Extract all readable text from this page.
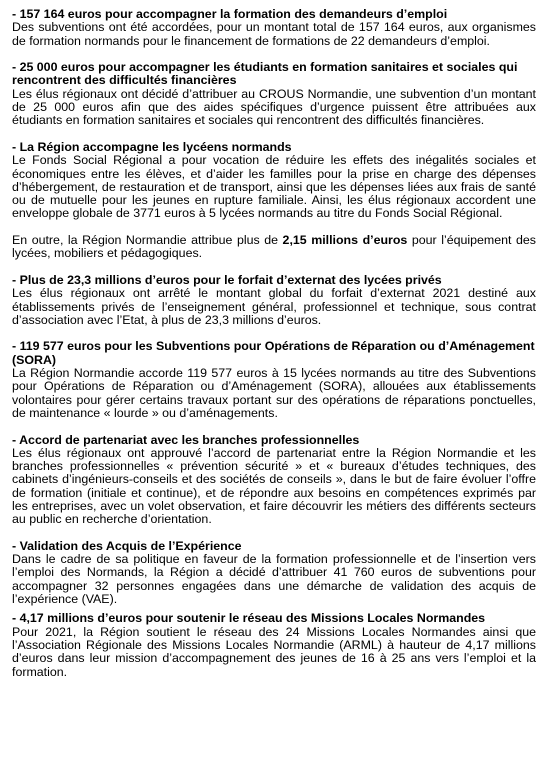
- 157 164 euros pour accompagner la formation des demandeurs d’emploi

Des subventions ont été accordées, pour un montant total de 157 164 euros, aux organismes de formation normands pour le financement de formations de 22 demandeurs d’emploi.

- 25 000 euros pour accompagner les étudiants en formation sanitaires et sociales qui rencontrent des difficultés financières

Les élus régionaux ont décidé d’attribuer au CROUS Normandie, une subvention d’un montant de 25 000 euros afin que des aides spécifiques d’urgence puissent être attribuées aux étudiants en formation sanitaires et sociales qui rencontrent des difficultés financières.

- La Région accompagne les lycéens normands

Le Fonds Social Régional a pour vocation de réduire les effets des inégalités sociales et économiques entre les élèves, et d’aider les familles pour la prise en charge des dépenses d’hébergement, de restauration et de transport, ainsi que les dépenses liées aux frais de santé ou de mutuelle pour les jeunes en rupture familiale. Ainsi, les élus régionaux accordent une enveloppe globale de 3771 euros à 5 lycées normands au titre du Fonds Social Régional.

En outre, la Région Normandie attribue plus de 2,15 millions d’euros pour l’équipement des lycées, mobiliers et pédagogiques.

- Plus de 23,3 millions d’euros pour le forfait d’externat des lycées privés

Les élus régionaux ont arrêté le montant global du forfait d’externat 2021 destiné aux établissements privés de l’enseignement général, professionnel et technique, sous contrat d’association avec l’Etat, à plus de 23,3 millions d’euros.

- 119 577 euros pour les Subventions pour Opérations de Réparation ou d’Aménagement (SORA)

La Région Normandie accorde 119 577 euros à 15 lycées normands au titre des Subventions pour Opérations de Réparation ou d’Aménagement (SORA), allouées aux établissements volontaires pour gérer certains travaux portant sur des opérations de réparations ponctuelles, de maintenance « lourde » ou d’aménagements.

- Accord de partenariat avec les branches professionnelles

Les élus régionaux ont approuvé l’accord de partenariat entre la Région Normandie et les branches professionnelles « prévention sécurité » et « bureaux d’études techniques, des cabinets d’ingénieurs-conseils et des sociétés de conseils », dans le but de faire évoluer l’offre de formation (initiale et continue), et de répondre aux besoins en compétences exprimés par les entreprises, avec un volet observation, et faire découvrir les métiers des différents secteurs au public en recherche d’orientation.

- Validation des Acquis de l’Expérience

Dans le cadre de sa politique en faveur de la formation professionnelle et de l’insertion vers l’emploi des Normands, la Région a décidé d’attribuer 41 760 euros de subventions pour accompagner 32 personnes engagées dans une démarche de validation des acquis de l’expérience (VAE).

- 4,17 millions d’euros pour soutenir le réseau des Missions Locales Normandes

Pour 2021, la Région soutient le réseau des 24 Missions Locales Normandes ainsi que l’Association Régionale des Missions Locales Normandie (ARML) à hauteur de 4,17 millions d’euros dans leur mission d’accompagnement des jeunes de 16 à 25 ans vers l’emploi et la formation.
